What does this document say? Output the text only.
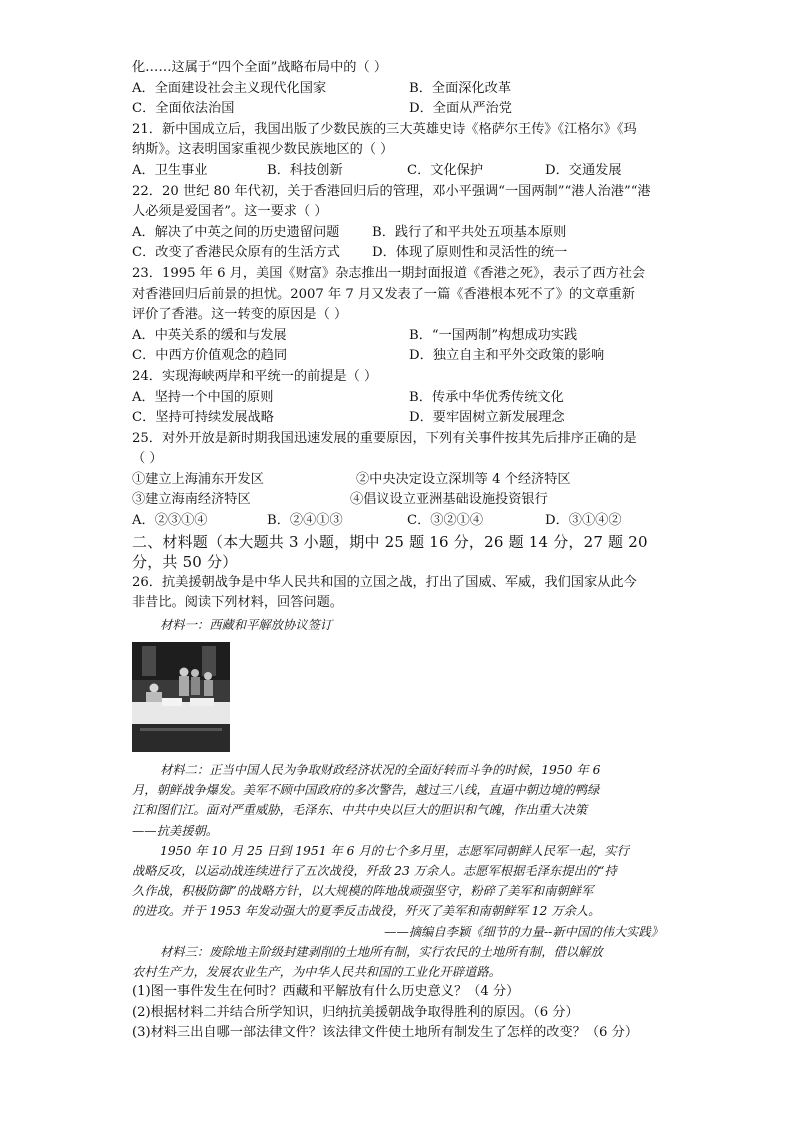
化……这属于“四个全面”战略布局中的（ ）
A．全面建设社会主义现代化国家	B．全面深化改革
C．全面依法治国	D．全面从严治党
21．新中国成立后，我国出版了少数民族的三大英雄史诗《格萨尔王传》《江格尔》《玛
纳斯》。这表明国家重视少数民族地区的（ ）
A．卫生事业	B．科技创新	C．文化保护	D．交通发展
22．20 世纪 80 年代初，关于香港回归后的管理，邓小平强调“一国两制”“港人治港”“港
人必须是爱国者”。这一要求（ ）
A．解决了中英之间的历史遗留问题	B．践行了和平共处五项基本原则
C．改变了香港民众原有的生活方式	D．体现了原则性和灵活性的统一
23．1995 年 6 月，美国《财富》杂志推出一期封面报道《香港之死》，表示了西方社会
对香港回归后前景的担忧。2007 年 7 月又发表了一篇《香港根本死不了》的文章重新
评价了香港。这一转变的原因是（ ）
A．中英关系的缓和与发展	B．“一国两制”构想成功实践
C．中西方价值观念的趋同	D．独立自主和平外交政策的影响
24．实现海峡两岸和平统一的前提是（ ）
A．坚持一个中国的原则	B．传承中华优秀传统文化
C．坚持可持续发展战略	D．要牢固树立新发展理念
25．对外开放是新时期我国迅速发展的重要原因，下列有关事件按其先后排序正确的是
（ ）
①建立上海浦东开发区	②中央决定设立深圳等 4 个经济特区
③建立海南经济特区	④倡议设立亚洲基础设施投资银行
A．②③①④	B．②④①③	C．③②①④	D．③①④②
二、材料题（本大题共 3 小题，期中 25 题 16 分，26 题 14 分，27 题 20
分，共 50 分）
26．抗美援朝战争是中华人民共和国的立国之战，打出了国威、军威，我们国家从此今
非昔比。阅读下列材料，回答问题。
材料一：西藏和平解放协议签订
材料二：正当中国人民为争取财政经济状况的全面好转而斗争的时候，1950 年 6
月，朝鲜战争爆发。美军不顾中国政府的多次警告，越过三八线，直逼中朝边境的鸭绿
江和图们江。面对严重威胁，毛泽东、中共中央以巨大的胆识和气魄，作出重大决策
——抗美援朝。
1950 年 10 月 25 日到 1951 年 6 月的七个多月里，志愿军同朝鲜人民军一起，实行
战略反攻，以运动战连续进行了五次战役，歼敌 23 万余人。志愿军根据毛泽东提出的“持
久作战，积极防御”的战略方针，以大规模的阵地战顽强坚守，粉碎了美军和南朝鲜军
的进攻。并于 1953 年发动强大的夏季反击战役，歼灭了美军和南朝鲜军 12 万余人。
——摘编自李颖《细节的力量--新中国的伟大实践》
材料三：废除地主阶级封建剥削的土地所有制，实行农民的土地所有制，借以解放
农村生产力，发展农业生产，为中华人民共和国的工业化开辟道路。
(1)图一事件发生在何时？西藏和平解放有什么历史意义？（4 分）
(2)根据材料二并结合所学知识，归纳抗美援朝战争取得胜利的原因。（6 分）
(3)材料三出自哪一部法律文件？该法律文件使土地所有制发生了怎样的改变？（6 分）
